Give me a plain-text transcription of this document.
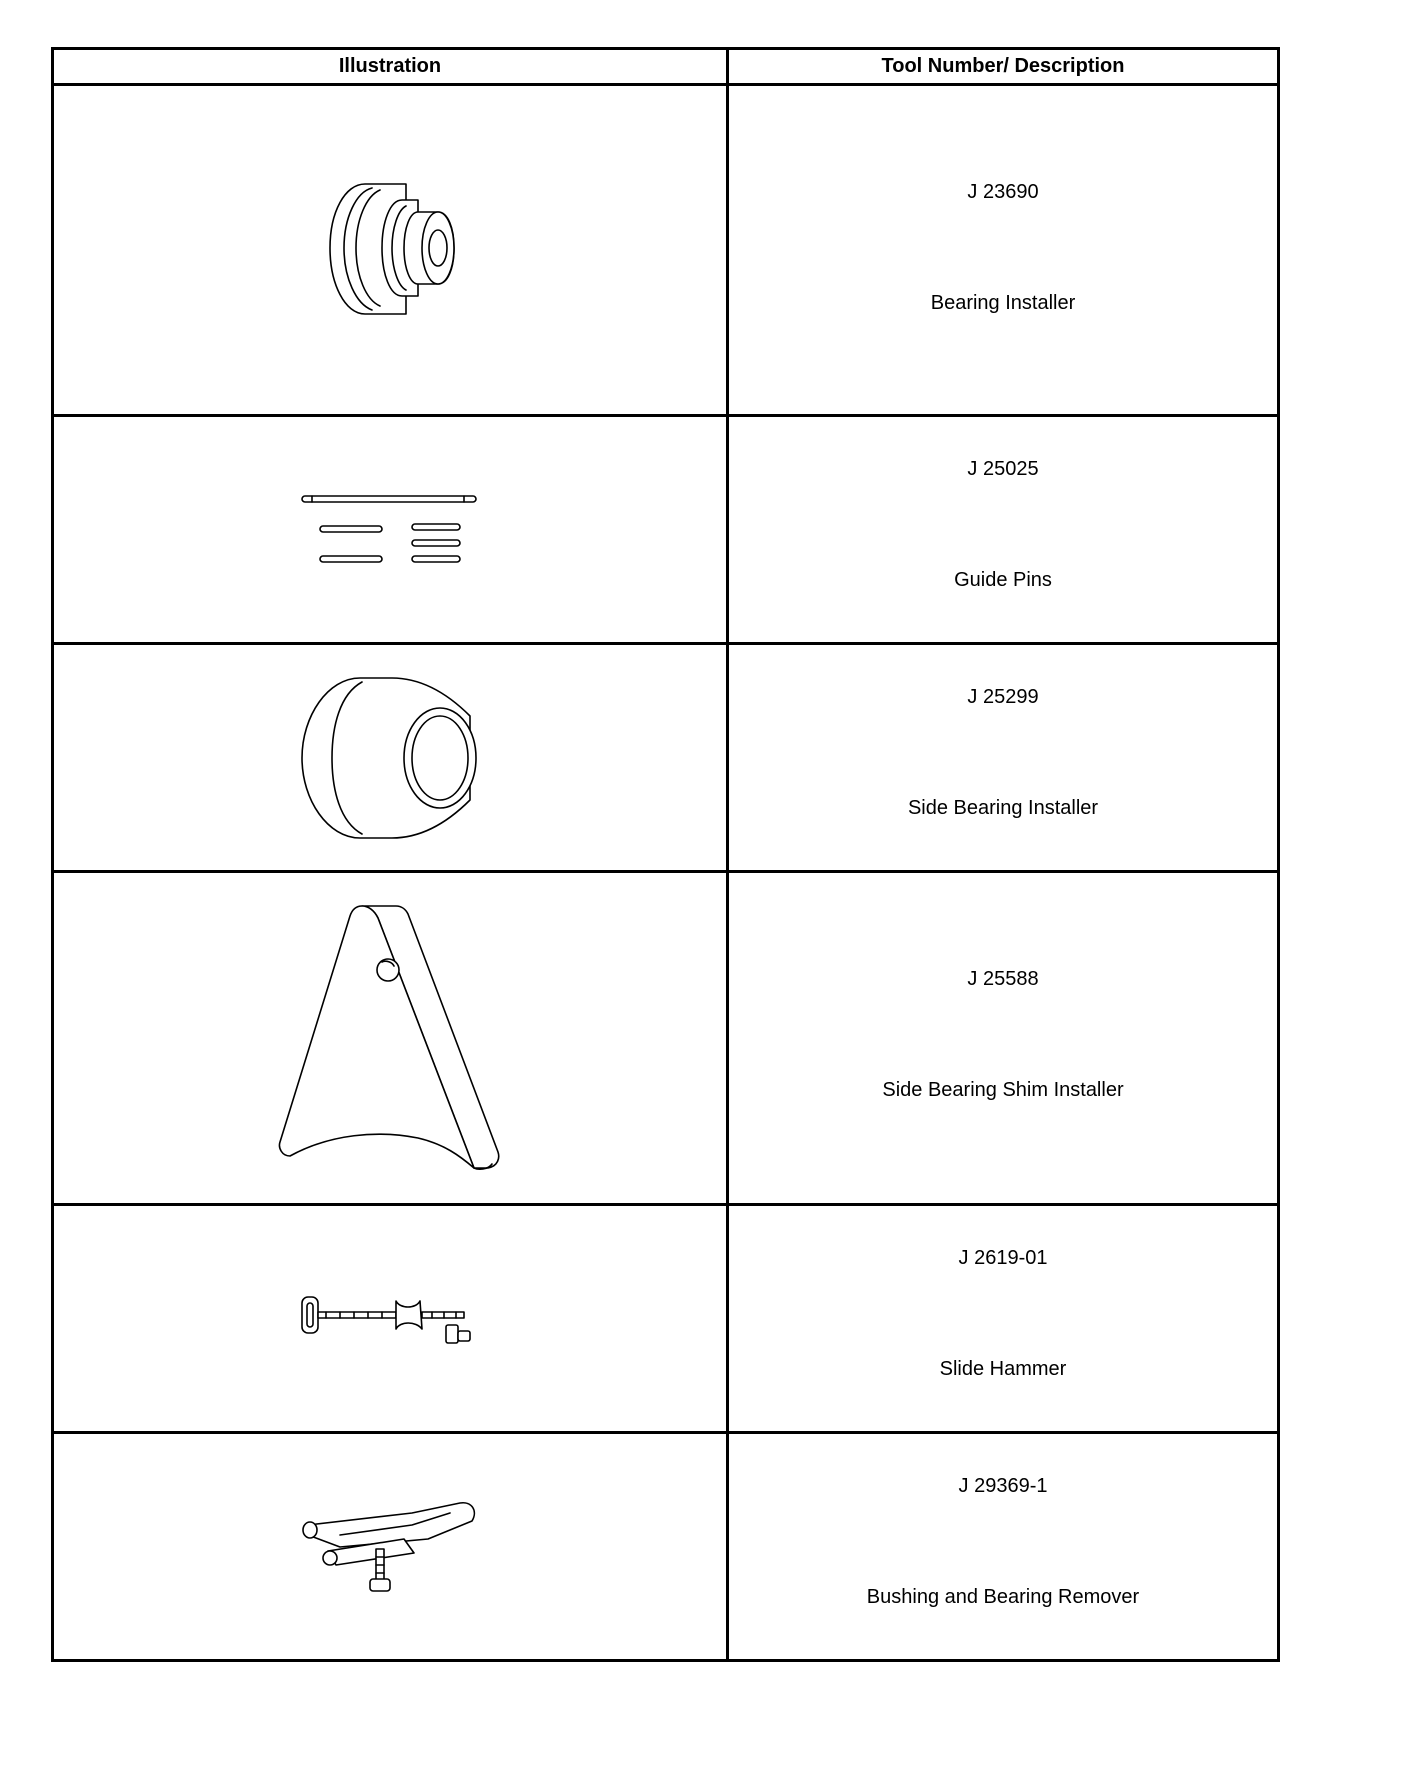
Illustration	Tool Number/ Description

J 23690
Bearing Installer

J 25025
Guide Pins

J 25299
Side Bearing Installer

J 25588
Side Bearing Shim Installer

J 2619-01
Slide Hammer

J 29369-1
Bushing and Bearing Remover
